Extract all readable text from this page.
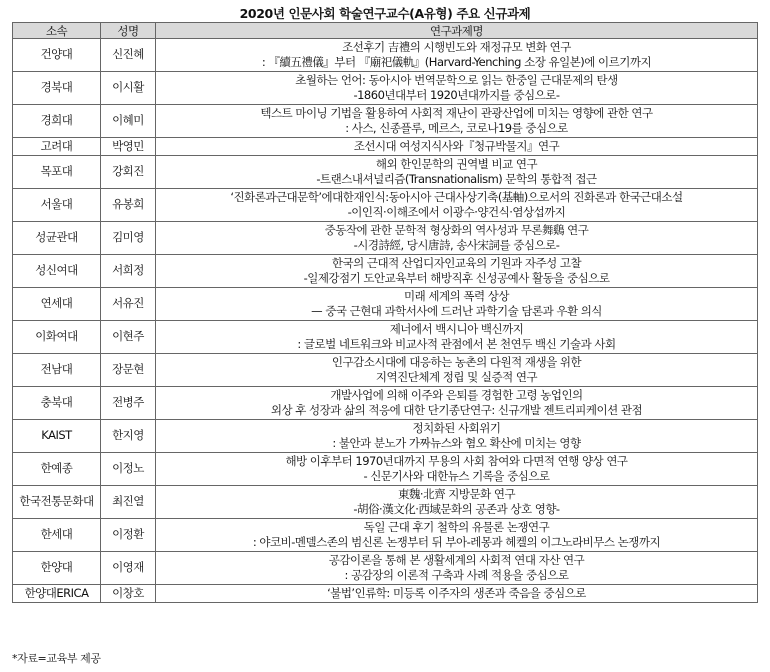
2020년 인문사회 학술연구교수(A유형) 주요 신규과제
소속	성명	연구과제명
건양대	신진혜	조선후기 吉禮의 시행빈도와 재정규모 변화 연구
: 『續五禮儀』부터 『廟祀儀軌』(Harvard-Yenching 소장 유일본)에 이르기까지

경북대	이시활	초월하는 언어: 동아시아 번역문학으로 읽는 한중일 근대문제의 탄생
-1860년대부터 1920년대까지를 중심으로-

경희대	이혜미	텍스트 마이닝 기법을 활용하여 사회적 재난이 관광산업에 미치는 영향에 관한 연구
: 사스, 신종플루, 메르스, 코로나19를 중심으로

고려대	박영민	조선시대 여성지식사와『청규박물지』연구

목포대	강회진	해외 한인문학의 권역별 비교 연구
-트랜스내셔널리즘(Transnationalism) 문학의 통합적 접근

서울대	유봉희	‘진화론과근대문학’에대한재인식:동아시아 근대사상기축(基軸)으로서의 진화론과 한국근대소설
-이인직·이해조에서 이광수·양건식·염상섭까지

성균관대	김미영	중동작에 관한 문학적 형상화의 역사성과 무론舞鷄 연구
-시경詩經, 당시唐詩, 송사宋詞를 중심으로-

성신여대	서희정	한국의 근대적 산업디자인교육의 기원과 자주성 고찰
-일제강점기 도안교육부터 해방직후 신성공예사 활동을 중심으로

연세대	서유진	미래 세계의 폭력 상상
— 중국 근현대 과학서사에 드러난 과학기술 담론과 우환 의식

이화여대	이현주	제너에서 백시니아 백신까지
: 글로벌 네트워크와 비교사적 관점에서 본 천연두 백신 기술과 사회

전남대	장문현	인구감소시대에 대응하는 농촌의 다원적 재생을 위한
지역진단체계 정립 및 실증적 연구

충북대	전병주	개발사업에 의해 이주와 은퇴를 경험한 고령 농업인의
외상 후 성장과 삶의 적응에 대한 단기종단연구: 신규개발 젠트리피케이션 관점

KAIST	한지영	정치화된 사회위기
: 불안과 분노가 가짜뉴스와 혐오 확산에 미치는 영향

한예종	이정노	해방 이후부터 1970년대까지 무용의 사회 참여와 다면적 연행 양상 연구
- 신문기사와 대한뉴스 기록을 중심으로

한국전통문화대	최진열	東魏·北齊 지방문화 연구
-胡俗·漢文化·西域문화의 공존과 상호 영향-

한세대	이정환	독일 근대 후기 철학의 유물론 논쟁연구
: 야코비-멘델스존의 범신론 논쟁부터 뒤 부아-레몽과 헤켈의 이그노라비무스 논쟁까지

한양대	이영재	공감이론을 통해 본 생활세계의 사회적 연대 자산 연구
: 공감장의 이론적 구축과 사례 적용을 중심으로

한양대ERICA	이창호	‘불법’인류학: 미등록 이주자의 생존과 죽음을 중심으로
*자료=교육부 제공
